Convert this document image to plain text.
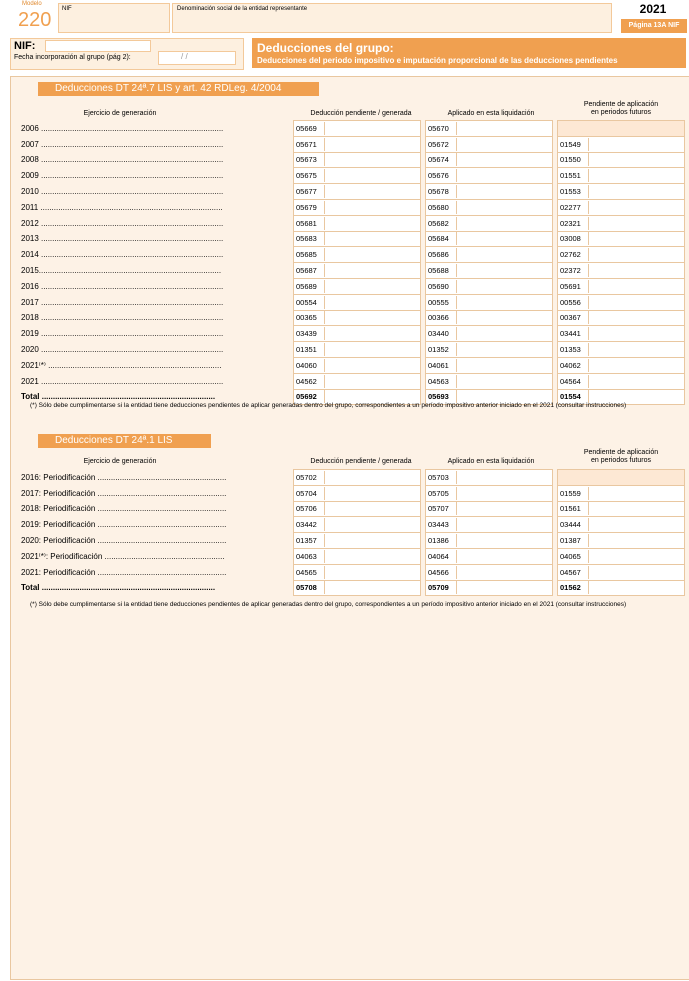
Modelo
220 NIF	Denominación social de la entidad representante	2021
Página 13A NIF
NIF:
Fecha incorporación al grupo (pág 2):	/ /
Deducciones del grupo:
Deducciones del periodo impositivo e imputación proporcional de las deducciones pendientes
Deducciones DT 24ª.7 LIS y art. 42 RDLeg. 4/2004
Ejercicio de generación	Deducción pendiente / generada	Aplicado en esta liquidación
Pendiente de aplicación
en periodos futuros
2006 ..................................................................................	05669		05670		
2007 ..................................................................................	05671		05672		01549
2008 ..................................................................................	05673		05674		01550
2009 ..................................................................................	05675		05676		01551
2010 ..................................................................................	05677		05678		01553
2011 ..................................................................................	05679		05680		02277
2012 ..................................................................................	05681		05682		02321
2013 ..................................................................................	05683		05684		03008
2014 ..................................................................................	05685		05686		02762
2015..................................................................................	05687		05688		02372
2016 ..................................................................................	05689		05690		05691
2017 ..................................................................................	00554		00555		00556
2018 ..................................................................................	00365		00366		00367
2019 ..................................................................................	03439		03440		03441
2020 ..................................................................................	01351		01352		01353
2021⁽*⁾ ..............................................................................	04060		04061		04062
2021 ..................................................................................	04562		04563		04564
Total ..............................................................................	05692		05693		01554
(*) Sólo debe cumplimentarse si la entidad tiene deducciones pendientes de aplicar generadas dentro del grupo, correspondientes a un período impositivo anterior iniciado en el 2021 (consultar instrucciones)
Deducciones DT 24ª.1 LIS
Ejercicio de generación	Deducción pendiente / generada	Aplicado en esta liquidación
Pendiente de aplicación
en periodos futuros
2016: Periodificación ..........................................................	05702		05703		
2017: Periodificación ..........................................................	05704		05705		01559
2018: Periodificación ..........................................................	05706		05707		01561
2019: Periodificación ..........................................................	03442		03443		03444
2020: Periodificación ..........................................................	01357		01386		01387
2021⁽*⁾: Periodificación ......................................................	04063		04064		04065
2021: Periodificación ..........................................................	04565		04566		04567
Total ..............................................................................	05708		05709		01562
(*) Sólo debe cumplimentarse si la entidad tiene deducciones pendientes de aplicar generadas dentro del grupo, correspondientes a un período impositivo anterior iniciado en el 2021 (consultar instrucciones)
